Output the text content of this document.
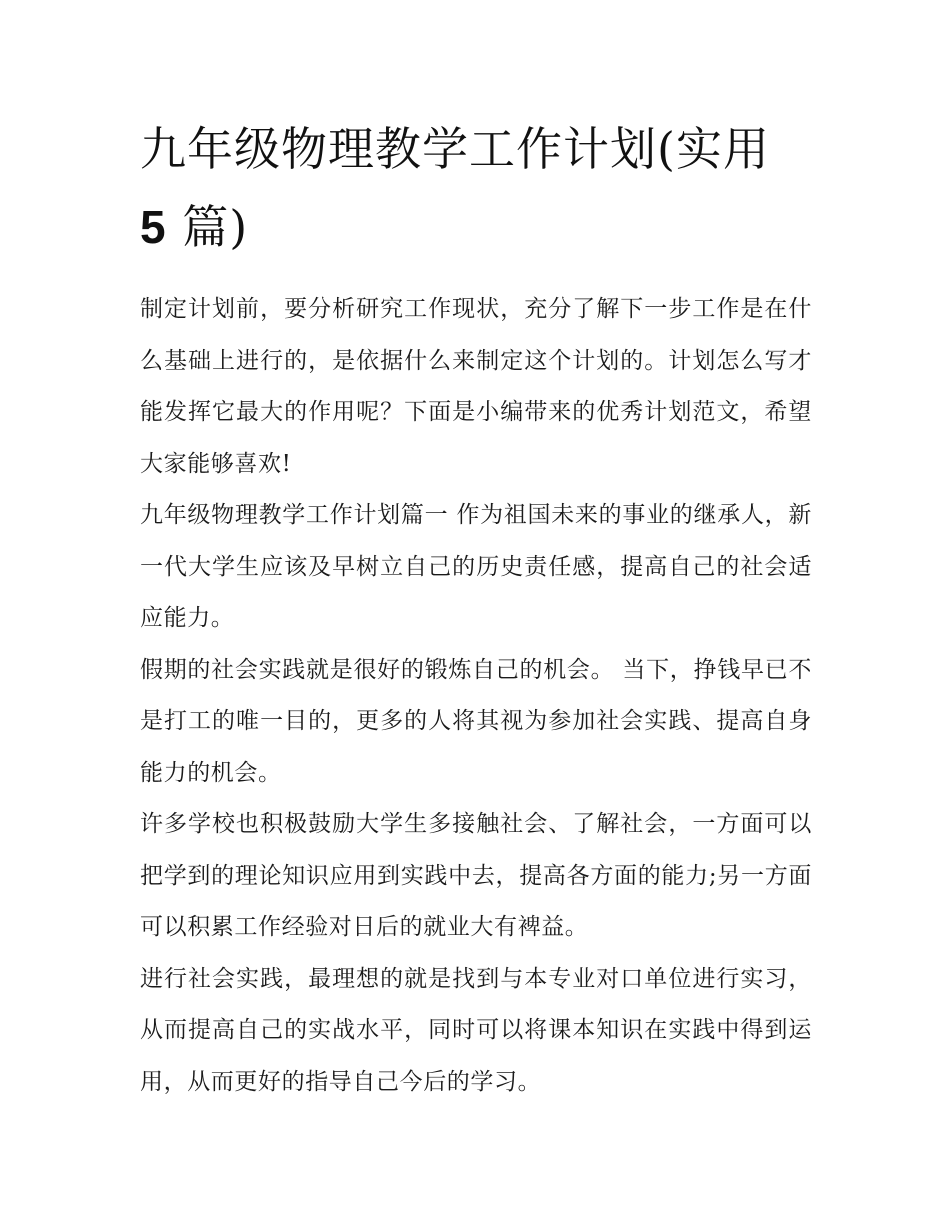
九年级物理教学工作计划(实用
5 篇)

制定计划前，要分析研究工作现状，充分了解下一步工作是在什么基础上进行的，是依据什么来制定这个计划的。计划怎么写才能发挥它最大的作用呢？下面是小编带来的优秀计划范文，希望大家能够喜欢!

九年级物理教学工作计划篇一 作为祖国未来的事业的继承人，新一代大学生应该及早树立自己的历史责任感，提高自己的社会适应能力。

假期的社会实践就是很好的锻炼自己的机会。 当下，挣钱早已不是打工的唯一目的，更多的人将其视为参加社会实践、提高自身能力的机会。

许多学校也积极鼓励大学生多接触社会、了解社会，一方面可以把学到的理论知识应用到实践中去，提高各方面的能力;另一方面可以积累工作经验对日后的就业大有裨益。

进行社会实践，最理想的就是找到与本专业对口单位进行实习，从而提高自己的实战水平，同时可以将课本知识在实践中得到运用，从而更好的指导自己今后的学习。
